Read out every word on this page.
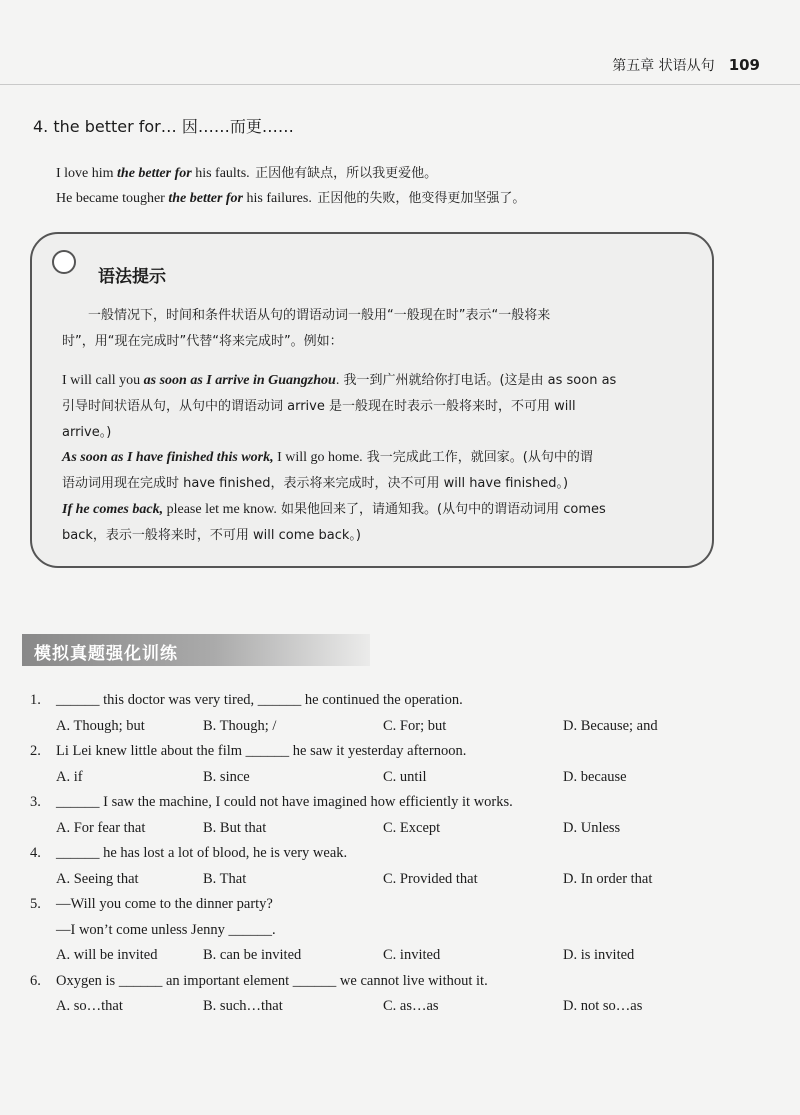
第五章 状语从句 109
4. the better for… 因……而更……
I love him the better for his faults. 正因他有缺点，所以我更爱他。
He became tougher the better for his failures. 正因他的失败，他变得更加坚强了。
语法提示
一般情况下，时间和条件状语从句的谓语动词一般用“一般现在时”表示“一般将来
时”，用“现在完成时”代替“将来完成时”。例如：
I will call you as soon as I arrive in Guangzhou. 我一到广州就给你打电话。(这是由 as soon as
引导时间状语从句，从句中的谓语动词 arrive 是一般现在时表示一般将来时，不可用 will
arrive。)
As soon as I have finished this work, I will go home. 我一完成此工作，就回家。(从句中的谓
语动词用现在完成时 have finished，表示将来完成时，决不可用 will have finished。)
If he comes back, please let me know. 如果他回来了，请通知我。(从句中的谓语动词用 comes
back，表示一般将来时，不可用 will come back。)
模拟真题强化训练
1. ______ this doctor was very tired, ______ he continued the operation.
A. Though; but	B. Though; /	C. For; but	D. Because; and
2. Li Lei knew little about the film ______ he saw it yesterday afternoon.
A. if	B. since	C. until	D. because
3. ______ I saw the machine, I could not have imagined how efficiently it works.
A. For fear that	B. But that	C. Except	D. Unless
4. ______ he has lost a lot of blood, he is very weak.
A. Seeing that	B. That	C. Provided that	D. In order that
5. —Will you come to the dinner party?
—I won’t come unless Jenny ______.
A. will be invited	B. can be invited	C. invited	D. is invited
6. Oxygen is ______ an important element ______ we cannot live without it.
A. so…that	B. such…that	C. as…as	D. not so…as
